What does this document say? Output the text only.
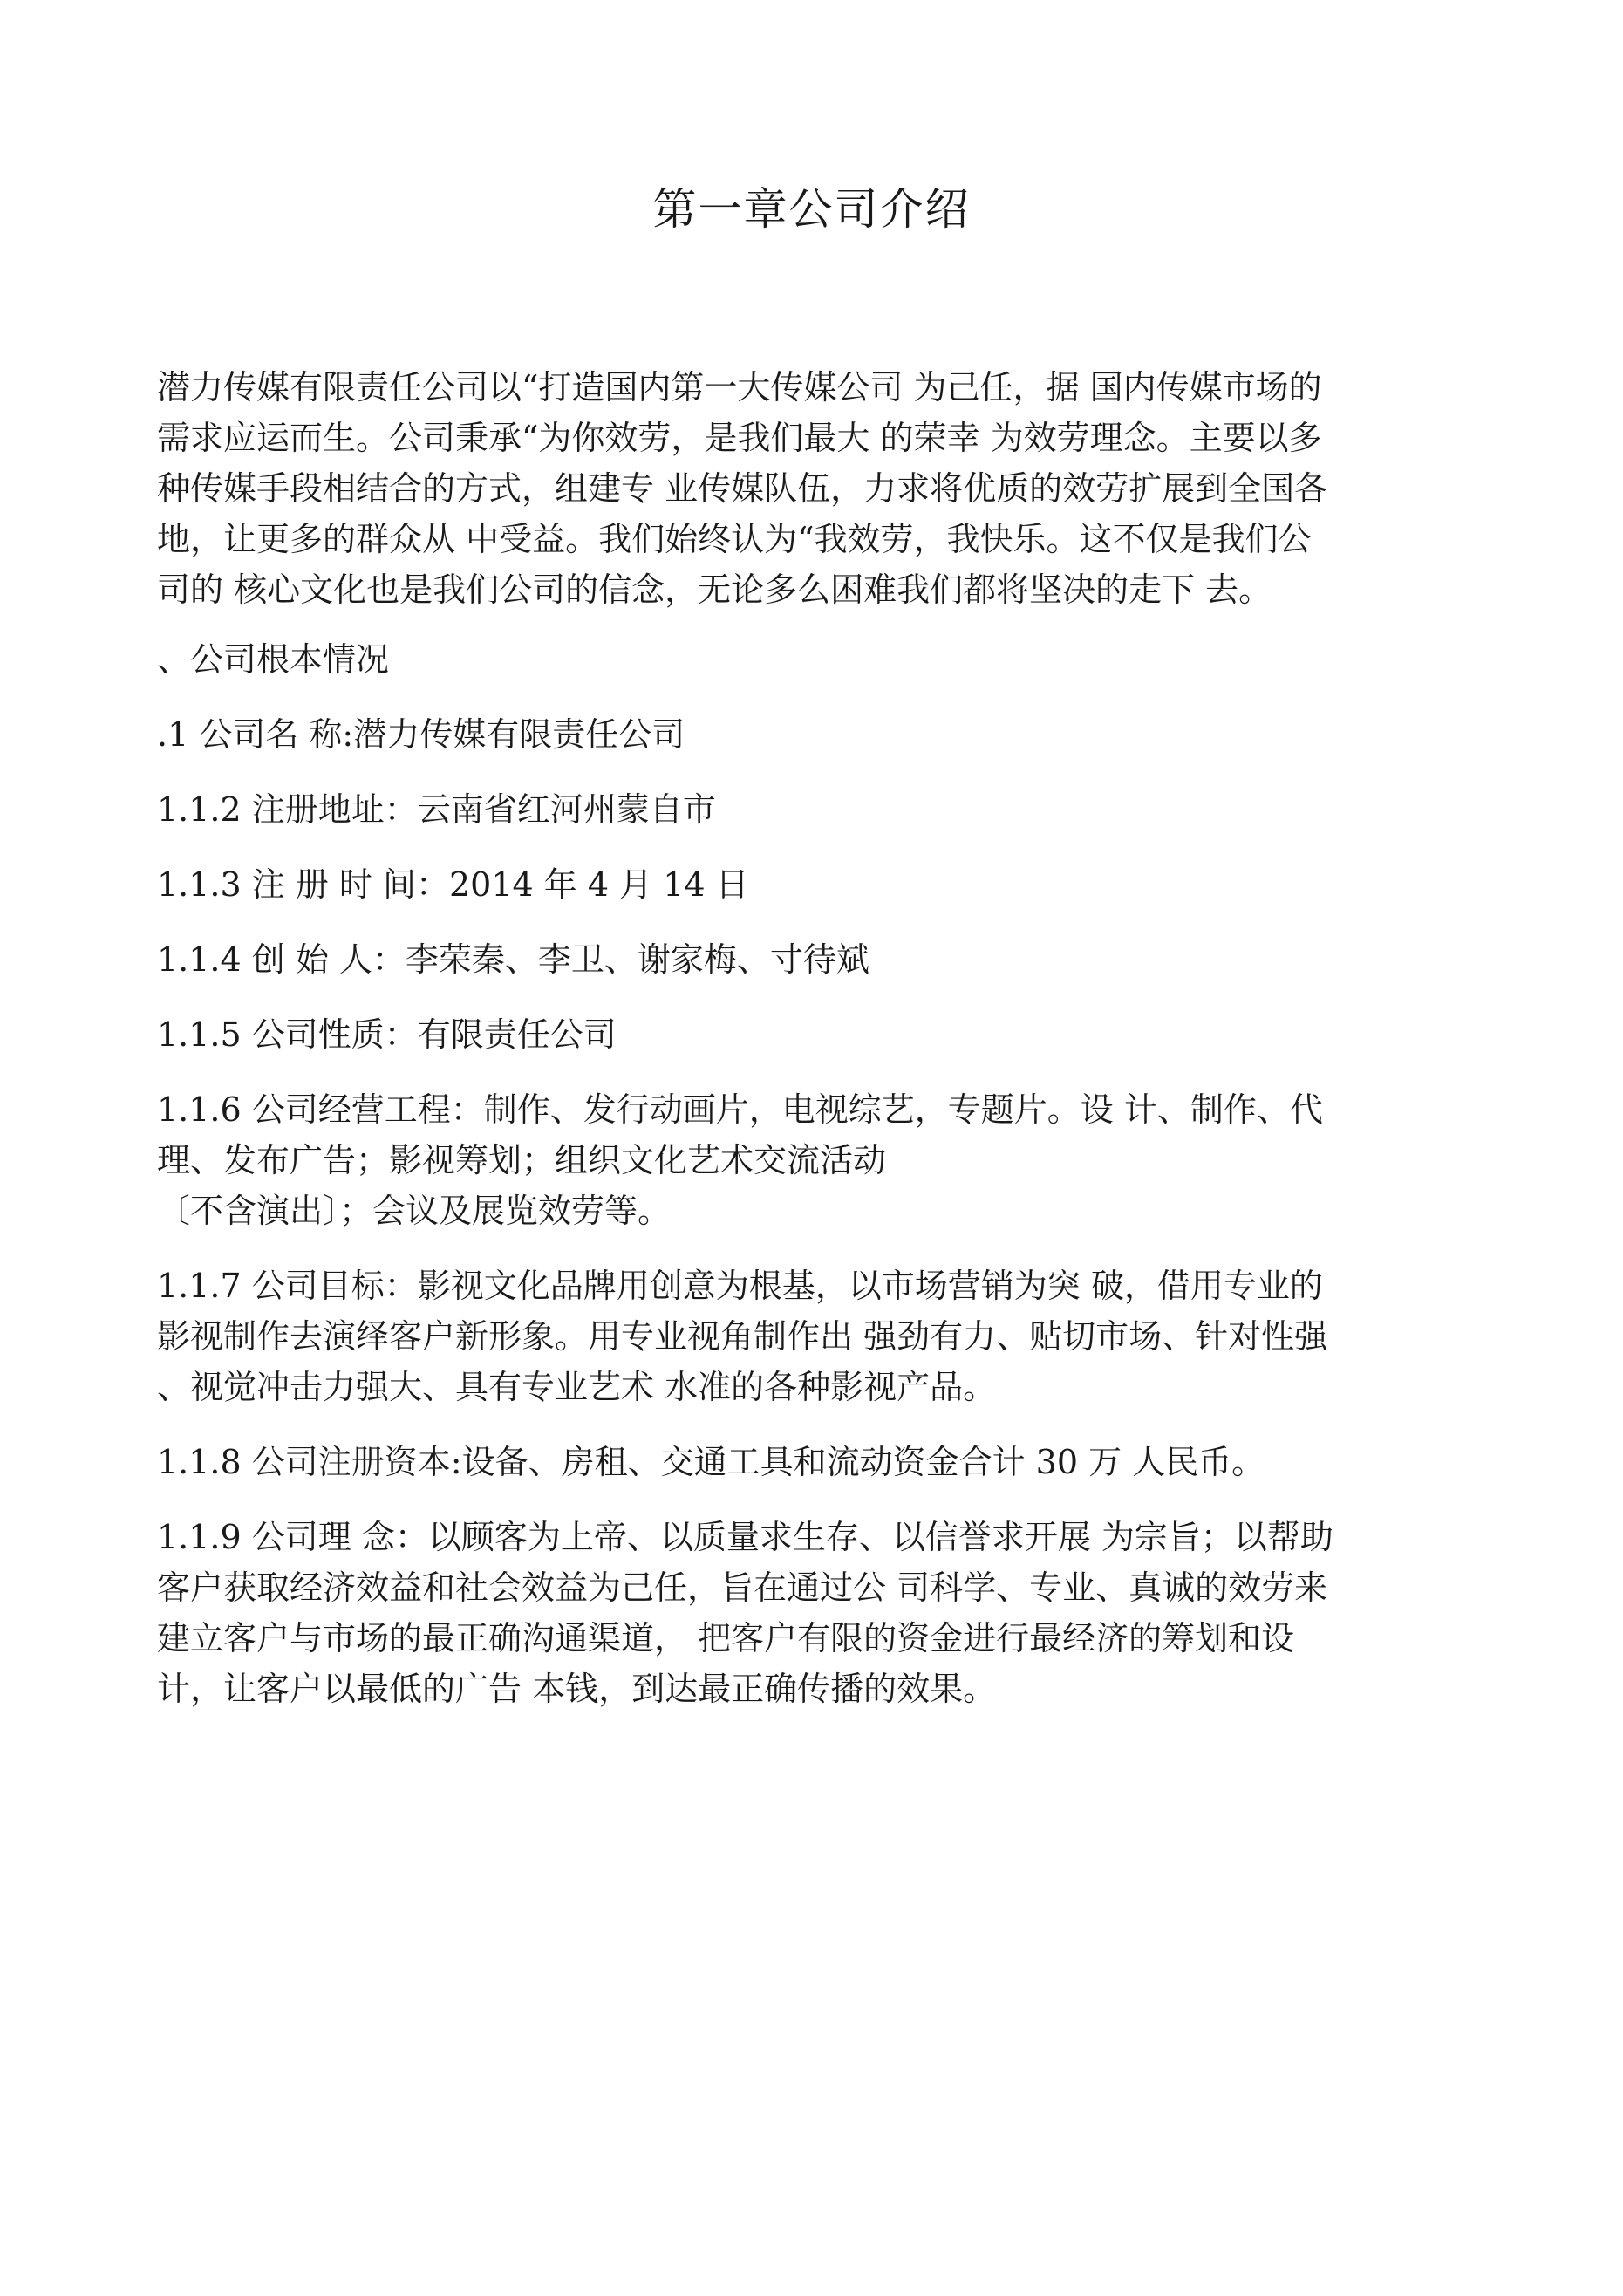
第一章公司介绍

潜力传媒有限责任公司以“打造国内第一大传媒公司 为己任，据 国内传媒市场的
需求应运而生。公司秉承“为你效劳，是我们最大 的荣幸 为效劳理念。主要以多
种传媒手段相结合的方式，组建专 业传媒队伍，力求将优质的效劳扩展到全国各
地，让更多的群众从 中受益。我们始终认为“我效劳，我快乐。这不仅是我们公
司的 核心文化也是我们公司的信念，无论多么困难我们都将坚决的走下 去。

、公司根本情况

.1 公司名 称:潜力传媒有限责任公司

1.1.2 注册地址：云南省红河州蒙自市

1.1.3 注 册 时 间：2014 年 4 月 14 日

1.1.4 创 始 人：李荣秦、李卫、谢家梅、寸待斌

1.1.5 公司性质：有限责任公司

1.1.6 公司经营工程：制作、发行动画片，电视综艺，专题片。设 计、制作、代
理、发布广告；影视筹划；组织文化艺术交流活动
〔不含演出〕；会议及展览效劳等。

1.1.7 公司目标：影视文化品牌用创意为根基，以市场营销为突 破，借用专业的
影视制作去演绎客户新形象。用专业视角制作出 强劲有力、贴切市场、针对性强
、视觉冲击力强大、具有专业艺术 水准的各种影视产品。

1.1.8 公司注册资本:设备、房租、交通工具和流动资金合计 30 万 人民币。

1.1.9 公司理 念：以顾客为上帝、以质量求生存、以信誉求开展 为宗旨；以帮助
客户获取经济效益和社会效益为己任，旨在通过公 司科学、专业、真诚的效劳来
建立客户与市场的最正确沟通渠道， 把客户有限的资金进行最经济的筹划和设
计，让客户以最低的广告 本钱，到达最正确传播的效果。
